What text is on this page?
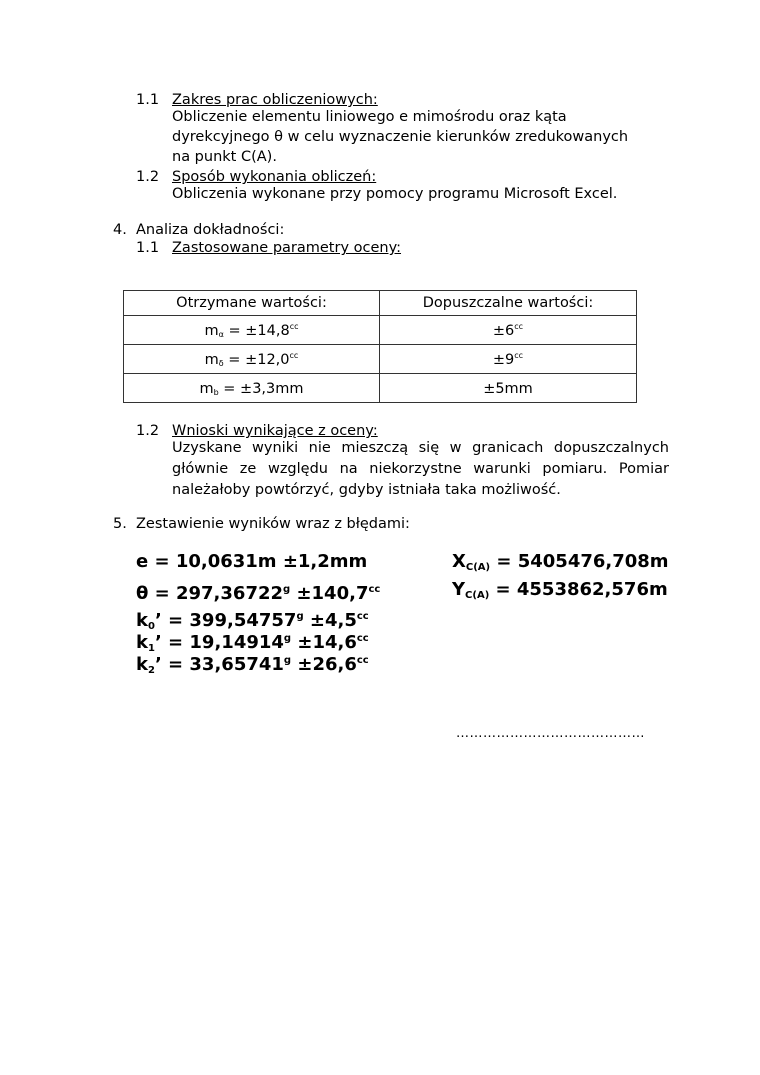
1.1 Zakres prac obliczeniowych:
Obliczenie elementu liniowego e mimośrodu oraz kąta
dyrekcyjnego θ w celu wyznaczenie kierunków zredukowanych
na punkt C(A).
1.2 Sposób wykonania obliczeń:
Obliczenia wykonane przy pomocy programu Microsoft Excel.
4. Analiza dokładności:
1.1 Zastosowane parametry oceny:
Otrzymane wartości:	Dopuszczalne wartości:
$m_\alpha = \pm 14,8^{cc}$	$\pm 6^{cc}$
$m_\delta = \pm 12,0^{cc}$	$\pm 9^{cc}$
$m_b = \pm 3,3mm$	±5mm
1.2 Wnioski wynikające z oceny:
Uzyskane wyniki nie mieszczą się w granicach dopuszczalnych
głównie ze względu na niekorzystne warunki pomiaru. Pomiar
należałoby powtórzyć, gdyby istniała taka możliwość.
5. Zestawienie wyników wraz z błędami:
e = 10,0631m ±1,2mm
θ = 297,36722$^g$ ±140,7$^{cc}$
$X_{C(A)} = 5405476,708m$
$Y_{C(A)} = 4553862,576m$
$k_0$’ = 399,54757$^g$ ±4,5$^{cc}$
$k_1$’ = 19,14914$^g$ ±14,6$^{cc}$
$k_2$’ = 33,65741$^g$ ±26,6$^{cc}$
……………………………………
